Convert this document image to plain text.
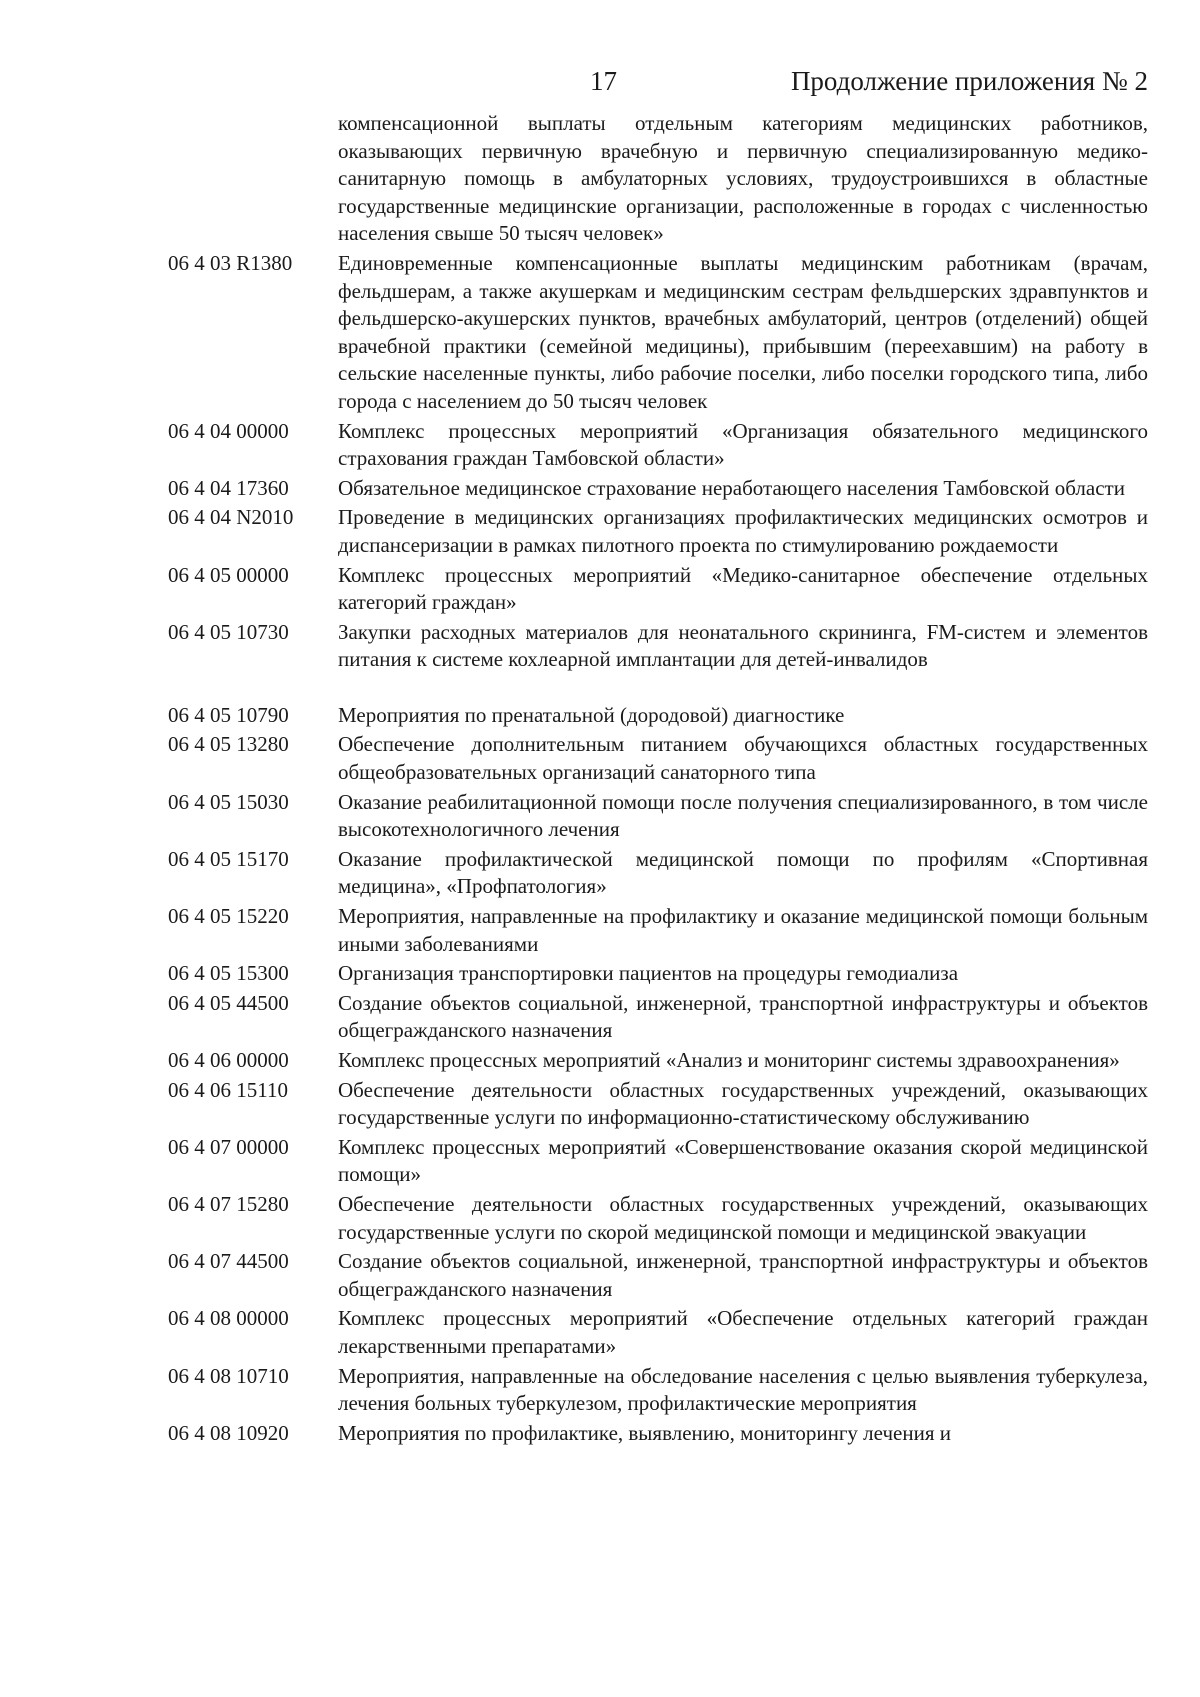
17	Продолжение приложения № 2
компенсационной выплаты отдельным категориям медицинских работников, оказывающих первичную врачебную и первичную специализированную медико-санитарную помощь в амбулаторных условиях, трудоустроившихся в областные государственные медицинские организации, расположенные в городах с численностью населения свыше 50 тысяч человек»
06 4 03 R1380	Единовременные компенсационные выплаты медицинским работникам (врачам, фельдшерам, а также акушеркам и медицинским сестрам фельдшерских здравпунктов и фельдшерско-акушерских пунктов, врачебных амбулаторий, центров (отделений) общей врачебной практики (семейной медицины), прибывшим (переехавшим) на работу в сельские населенные пункты, либо рабочие поселки, либо поселки городского типа, либо города с населением до 50 тысяч человек
06 4 04 00000	Комплекс процессных мероприятий «Организация обязательного медицинского страхования граждан Тамбовской области»
06 4 04 17360	Обязательное медицинское страхование неработающего населения Тамбовской области
06 4 04 N2010	Проведение в медицинских организациях профилактических медицинских осмотров и диспансеризации в рамках пилотного проекта по стимулированию рождаемости
06 4 05 00000	Комплекс процессных мероприятий «Медико-санитарное обеспечение отдельных категорий граждан»
06 4 05 10730	Закупки расходных материалов для неонатального скрининга, FM-систем и элементов питания к системе кохлеарной имплантации для детей-инвалидов
06 4 05 10790	Мероприятия по пренатальной (дородовой) диагностике
06 4 05 13280	Обеспечение дополнительным питанием обучающихся областных государственных общеобразовательных организаций санаторного типа
06 4 05 15030	Оказание реабилитационной помощи после получения специализированного, в том числе высокотехнологичного лечения
06 4 05 15170	Оказание профилактической медицинской помощи по профилям «Спортивная медицина», «Профпатология»
06 4 05 15220	Мероприятия, направленные на профилактику и оказание медицинской помощи больным иными заболеваниями
06 4 05 15300	Организация транспортировки пациентов на процедуры гемодиализа
06 4 05 44500	Создание объектов социальной, инженерной, транспортной инфраструктуры и объектов общегражданского назначения
06 4 06 00000	Комплекс процессных мероприятий «Анализ и мониторинг системы здравоохранения»
06 4 06 15110	Обеспечение деятельности областных государственных учреждений, оказывающих государственные услуги по информационно-статистическому обслуживанию
06 4 07 00000	Комплекс процессных мероприятий «Совершенствование оказания скорой медицинской помощи»
06 4 07 15280	Обеспечение деятельности областных государственных учреждений, оказывающих государственные услуги по скорой медицинской помощи и медицинской эвакуации
06 4 07 44500	Создание объектов социальной, инженерной, транспортной инфраструктуры и объектов общегражданского назначения
06 4 08 00000	Комплекс процессных мероприятий «Обеспечение отдельных категорий граждан лекарственными препаратами»
06 4 08 10710	Мероприятия, направленные на обследование населения с целью выявления туберкулеза, лечения больных туберкулезом, профилактические мероприятия
06 4 08 10920	Мероприятия по профилактике, выявлению, мониторингу лечения и
